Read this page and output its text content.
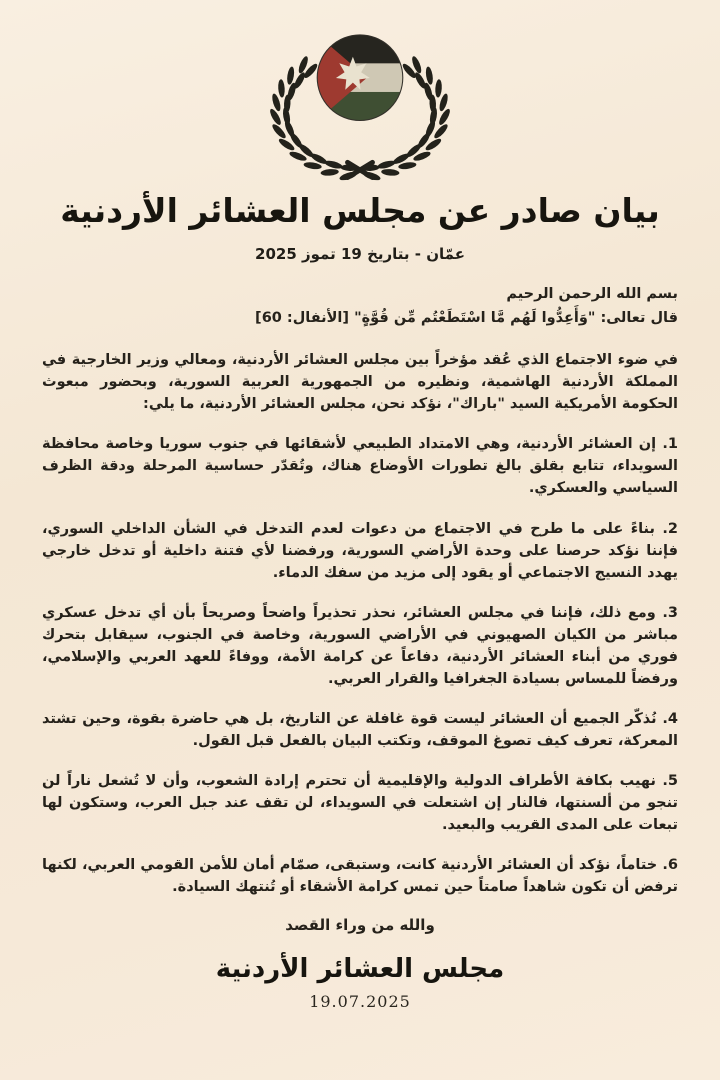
بيان صادر عن مجلس العشائر الأردنية
عمّان - بتاريخ 19 تموز 2025

بسم الله الرحمن الرحيم

قال تعالى: "وَأَعِدُّوا لَهُم مَّا اسْتَطَعْتُم مِّن قُوَّةٍ" [الأنفال: 60]

في ضوء الاجتماع الذي عُقد مؤخراً بين مجلس العشائر الأردنية، ومعالي وزير الخارجية في المملكة الأردنية الهاشمية، ونظيره من الجمهورية العربية السورية، وبحضور مبعوث الحكومة الأمريكية السيد "باراك"، نؤكد نحن، مجلس العشائر الأردنية، ما يلي:

1. إن العشائر الأردنية، وهي الامتداد الطبيعي لأشقائها في جنوب سوريا وخاصة محافظة السويداء، تتابع بقلق بالغ تطورات الأوضاع هناك، وتُقدّر حساسية المرحلة ودقة الظرف السياسي والعسكري.

2. بناءً على ما طرح في الاجتماع من دعوات لعدم التدخل في الشأن الداخلي السوري، فإننا نؤكد حرصنا على وحدة الأراضي السورية، ورفضنا لأي فتنة داخلية أو تدخل خارجي يهدد النسيج الاجتماعي أو يقود إلى مزيد من سفك الدماء.

3. ومع ذلك، فإننا في مجلس العشائر، نحذر تحذيراً واضحاً وصريحاً بأن أي تدخل عسكري مباشر من الكيان الصهيوني في الأراضي السورية، وخاصة في الجنوب، سيقابل بتحرك فوري من أبناء العشائر الأردنية، دفاعاً عن كرامة الأمة، ووفاءً للعهد العربي والإسلامي، ورفضاً للمساس بسيادة الجغرافيا والقرار العربي.

4. نُذكّر الجميع أن العشائر ليست قوة غافلة عن التاريخ، بل هي حاضرة بقوة، وحين تشتد المعركة، تعرف كيف تصوغ الموقف، وتكتب البيان بالفعل قبل القول.

5. نهيب بكافة الأطراف الدولية والإقليمية أن تحترم إرادة الشعوب، وأن لا تُشعل ناراً لن تنجو من ألسنتها، فالنار إن اشتعلت في السويداء، لن تقف عند جبل العرب، وستكون لها تبعات على المدى القريب والبعيد.

6. ختاماً، نؤكد أن العشائر الأردنية كانت، وستبقى، صمّام أمان للأمن القومي العربي، لكنها ترفض أن تكون شاهداً صامتاً حين تمس كرامة الأشقاء أو تُنتهك السيادة.

والله من وراء القصد
مجلس العشائر الأردنية
19.07.2025
